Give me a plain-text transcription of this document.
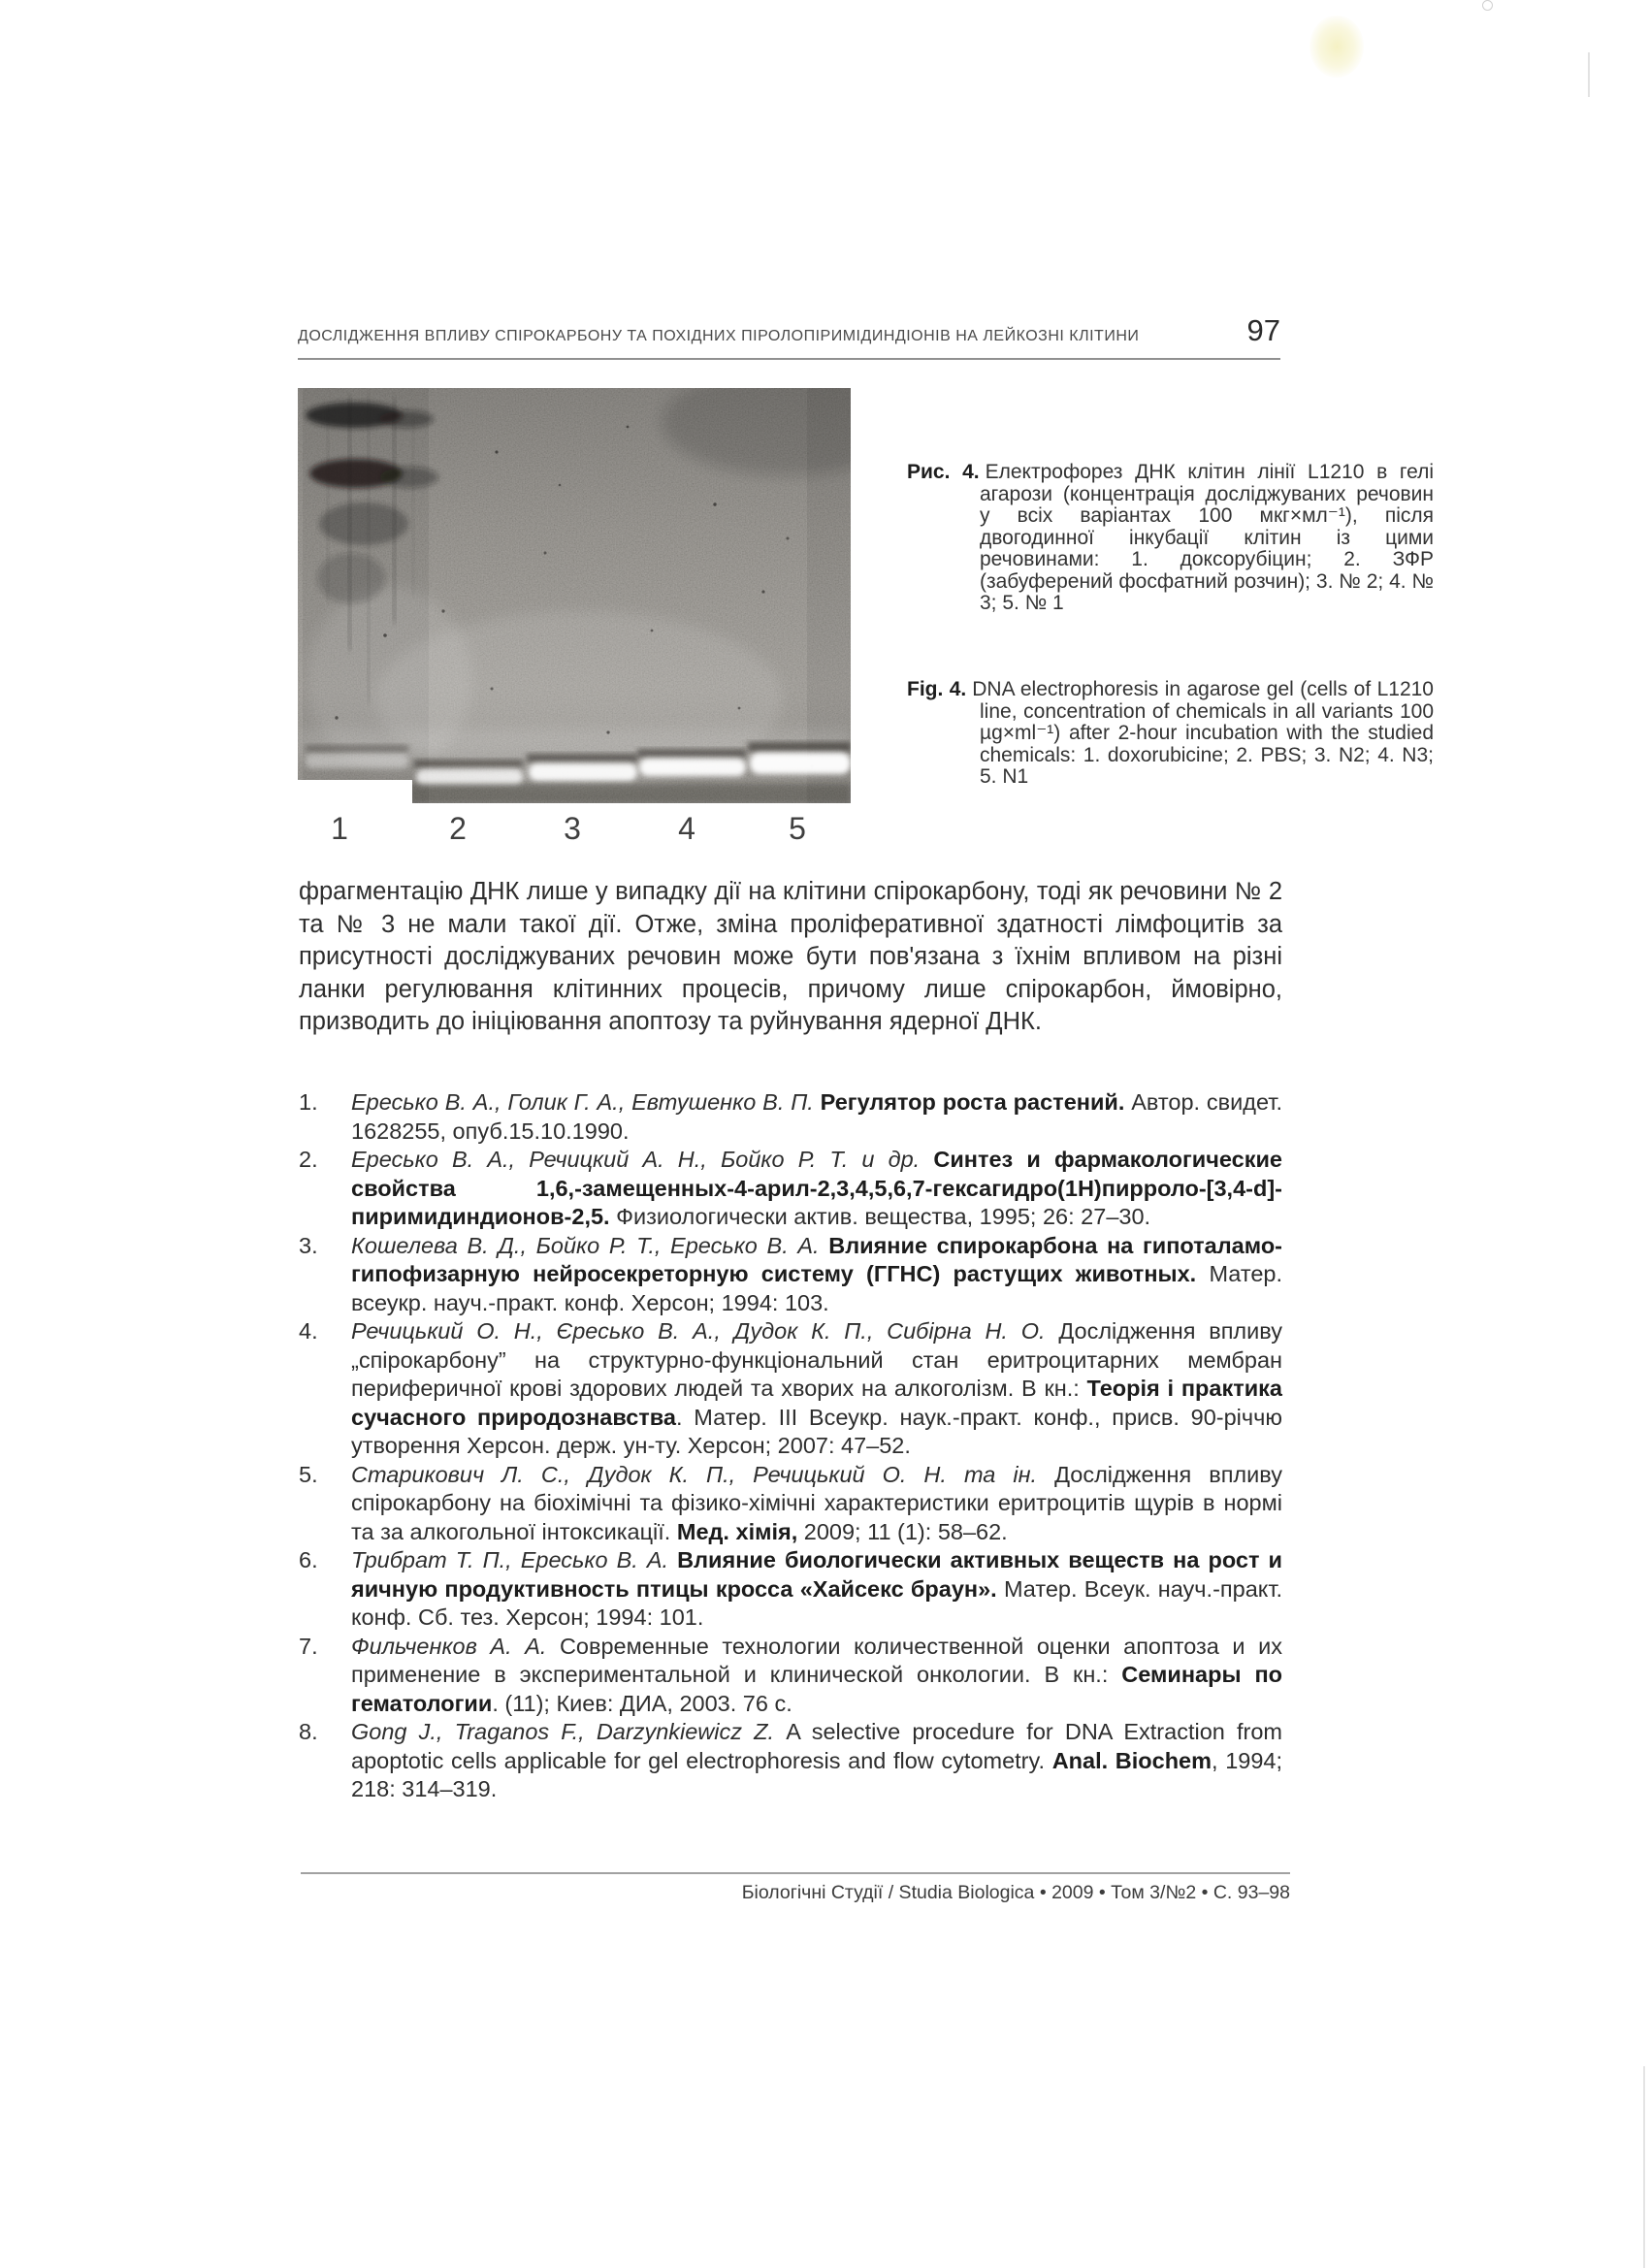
ДОСЛІДЖЕННЯ ВПЛИВУ СПІРОКАРБОНУ ТА ПОХІДНИХ ПІРОЛОПІРИМІДИНДІОНІВ НА ЛЕЙКОЗНІ КЛІТИНИ	97
1	2	3	4	5
Рис. 4. Електрофорез ДНК клітин лінії L1210 в гелі агарози (концентрація досліджуваних речовин у всіх варіантах 100 мкг×мл⁻¹), після двогодинної інкубації клітин із цими речовинами: 1. доксорубіцин; 2. ЗФР (забуферений фосфатний розчин); 3. № 2; 4. № 3; 5. № 1
Fig. 4. DNA electrophoresis in agarose gel (cells of L1210 line, concentration of chemicals in all variants 100 µg×ml⁻¹) after 2-hour incubation with the studied chemicals: 1. doxorubicine; 2. PBS; 3. N2; 4. N3; 5. N1

фрагментацію ДНК лише у випадку дії на клітини спірокарбону, тоді як речовини № 2 та № 3 не мали такої дії. Отже, зміна проліферативної здатності лімфоцитів за присутності досліджуваних речовин може бути пов'язана з їхнім впливом на різні ланки регулювання клітинних процесів, причому лише спірокарбон, ймовірно, призводить до ініціювання апоптозу та руйнування ядерної ДНК.

1. Ересько В. А., Голик Г. А., Евтушенко В. П. Регулятор роста растений. Автор. свидет. 1628255, опуб.15.10.1990.
2. Ересько В. А., Речицкий А. Н., Бойко Р. Т. и др. Синтез и фармакологические свойства 1,6,-замещенных-4-арил-2,3,4,5,6,7-гексагидро(1Н)пирроло-[3,4-d]-пиримидиндионов-2,5. Физиологически актив. вещества, 1995; 26: 27–30.
3. Кошелева В. Д., Бойко Р. Т., Ересько В. А. Влияние спирокарбона на гипоталамо-гипофизарную нейросекреторную систему (ГГНС) растущих животных. Матер. всеукр. науч.-практ. конф. Херсон; 1994: 103.
4. Речицький О. Н., Єресько В. А., Дудок К. П., Сибірна Н. О. Дослідження впливу „спірокарбону” на структурно-функціональний стан еритроцитарних мембран периферичної крові здорових людей та хворих на алкоголізм. В кн.: Теорія і практика сучасного природознавства. Матер. ІІІ Всеукр. наук.-практ. конф., присв. 90-річчю утворення Херсон. держ. ун-ту. Херсон; 2007: 47–52.
5. Старикович Л. С., Дудок К. П., Речицький О. Н. та ін. Дослідження впливу спірокарбону на біохімічні та фізико-хімічні характеристики еритроцитів щурів в нормі та за алкогольної інтоксикації. Мед. хімія, 2009; 11 (1): 58–62.
6. Трибрат Т. П., Ересько В. А. Влияние биологически активных веществ на рост и яичную продуктивность птицы кросса «Хайсекс браун». Матер. Всеук. науч.-практ. конф. Сб. тез. Херсон; 1994: 101.
7. Фильченков А. А. Современные технологии количественной оценки апоптоза и их применение в экспериментальной и клинической онкологии. В кн.: Семинары по гематологии. (11); Киев: ДИА, 2003. 76 с.
8. Gong J., Traganos F., Darzynkiewicz Z. A selective procedure for DNA Extraction from apoptotic cells applicable for gel electrophoresis and flow cytometry. Anal. Biochem, 1994; 218: 314–319.
Біологічні Студії / Studia Biologica • 2009 • Том 3/№2 • С. 93–98
